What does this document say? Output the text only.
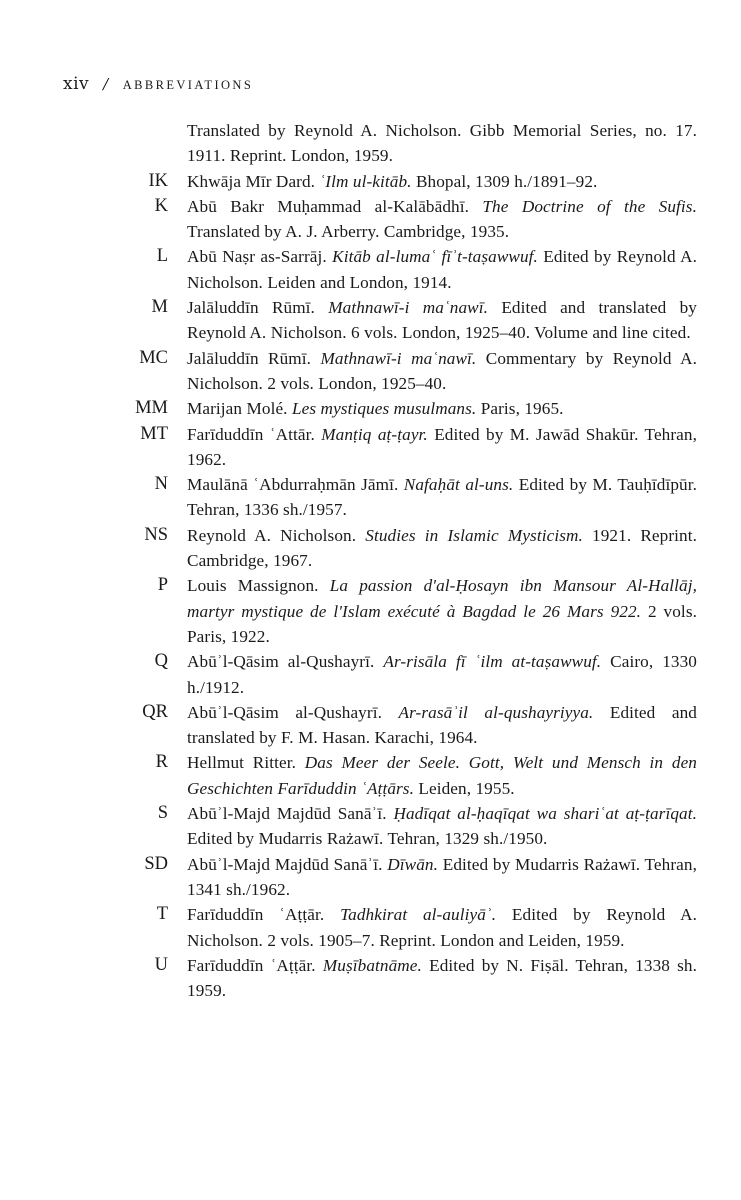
xiv / ABBREVIATIONS
Translated by Reynold A. Nicholson. Gibb Memorial Series, no. 17. 1911. Reprint. London, 1959.
IK Khwāja Mīr Dard. ʿIlm ul-kitāb. Bhopal, 1309 h./1891–92.
K Abū Bakr Muḥammad al-Kalābādhī. The Doctrine of the Sufis. Translated by A. J. Arberry. Cambridge, 1935.
L Abū Naṣr as-Sarrāj. Kitāb al-lumaʿ fīʾt-taṣawwuf. Edited by Reynold A. Nicholson. Leiden and London, 1914.
M Jalāluddīn Rūmī. Mathnawī-i maʿnawī. Edited and translated by Reynold A. Nicholson. 6 vols. London, 1925–40. Volume and line cited.
MC Jalāluddīn Rūmī. Mathnawī-i maʿnawī. Commentary by Reynold A. Nicholson. 2 vols. London, 1925–40.
MM Marijan Molé. Les mystiques musulmans. Paris, 1965.
MT Farīduddīn ʿAttār. Manṭiq aṭ-ṭayr. Edited by M. Jawād Shakūr. Tehran, 1962.
N Maulānā ʿAbdurraḥmān Jāmī. Nafaḥāt al-uns. Edited by M. Tauḥīdīpūr. Tehran, 1336 sh./1957.
NS Reynold A. Nicholson. Studies in Islamic Mysticism. 1921. Reprint. Cambridge, 1967.
P Louis Massignon. La passion d'al-Ḥosayn ibn Mansour Al-Hallāj, martyr mystique de l'Islam exécuté à Bagdad le 26 Mars 922. 2 vols. Paris, 1922.
Q Abūʾl-Qāsim al-Qushayrī. Ar-risāla fī ʿilm at-taṣawwuf. Cairo, 1330 h./1912.
QR Abūʾl-Qāsim al-Qushayrī. Ar-rasāʾil al-qushayriyya. Edited and translated by F. M. Hasan. Karachi, 1964.
R Hellmut Ritter. Das Meer der Seele. Gott, Welt und Mensch in den Geschichten Farīduddin ʿAṭṭārs. Leiden, 1955.
S Abūʾl-Majd Majdūd Sanāʾī. Ḥadīqat al-ḥaqīqat wa shariʿat aṭ-ṭarīqat. Edited by Mudarris Rażawī. Tehran, 1329 sh./1950.
SD Abūʾl-Majd Majdūd Sanāʾī. Dīwān. Edited by Mudarris Rażawī. Tehran, 1341 sh./1962.
T Farīduddīn ʿAṭṭār. Tadhkirat al-auliyāʾ. Edited by Reynold A. Nicholson. 2 vols. 1905–7. Reprint. London and Leiden, 1959.
U Farīduddīn ʿAṭṭār. Muṣībatnāme. Edited by N. Fiṣāl. Tehran, 1338 sh. 1959.
